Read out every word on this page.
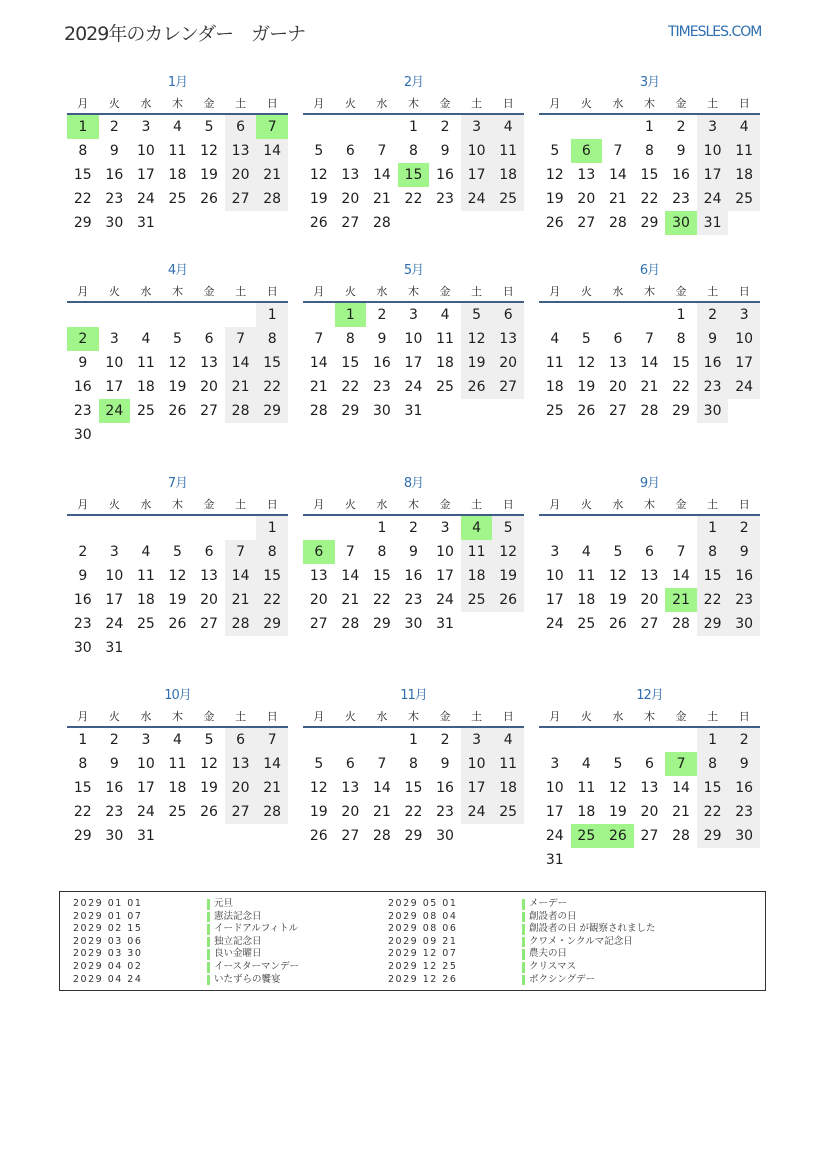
2029年のカレンダー　ガーナ	TIMESLES.COM
1月
月	火	水	木	金	土	日
1	2	3	4	5	6	7
8	9	10	11	12	13	14
15	16	17	18	19	20	21
22	23	24	25	26	27	28
29	30	31				
2月
月	火	水	木	金	土	日
			1	2	3	4
5	6	7	8	9	10	11
12	13	14	15	16	17	18
19	20	21	22	23	24	25
26	27	28				
3月
月	火	水	木	金	土	日
			1	2	3	4
5	6	7	8	9	10	11
12	13	14	15	16	17	18
19	20	21	22	23	24	25
26	27	28	29	30	31	
4月
月	火	水	木	金	土	日
						1
2	3	4	5	6	7	8
9	10	11	12	13	14	15
16	17	18	19	20	21	22
23	24	25	26	27	28	29
30						
5月
月	火	水	木	金	土	日
	1	2	3	4	5	6
7	8	9	10	11	12	13
14	15	16	17	18	19	20
21	22	23	24	25	26	27
28	29	30	31			
6月
月	火	水	木	金	土	日
				1	2	3
4	5	6	7	8	9	10
11	12	13	14	15	16	17
18	19	20	21	22	23	24
25	26	27	28	29	30	
7月
月	火	水	木	金	土	日
						1
2	3	4	5	6	7	8
9	10	11	12	13	14	15
16	17	18	19	20	21	22
23	24	25	26	27	28	29
30	31					
8月
月	火	水	木	金	土	日
		1	2	3	4	5
6	7	8	9	10	11	12
13	14	15	16	17	18	19
20	21	22	23	24	25	26
27	28	29	30	31		
9月
月	火	水	木	金	土	日
					1	2
3	4	5	6	7	8	9
10	11	12	13	14	15	16
17	18	19	20	21	22	23
24	25	26	27	28	29	30
10月
月	火	水	木	金	土	日
1	2	3	4	5	6	7
8	9	10	11	12	13	14
15	16	17	18	19	20	21
22	23	24	25	26	27	28
29	30	31				
11月
月	火	水	木	金	土	日
			1	2	3	4
5	6	7	8	9	10	11
12	13	14	15	16	17	18
19	20	21	22	23	24	25
26	27	28	29	30		
12月
月	火	水	木	金	土	日
					1	2
3	4	5	6	7	8	9
10	11	12	13	14	15	16
17	18	19	20	21	22	23
24	25	26	27	28	29	30
31						
2029 01 01	元旦
2029 01 07	憲法記念日
2029 02 15	イードアルフィトル
2029 03 06	独立記念日
2029 03 30	良い金曜日
2029 04 02	イースターマンデー
2029 04 24	いたずらの饗宴
2029 05 01	メーデー
2029 08 04	創設者の日
2029 08 06	創設者の日 が観察されました
2029 09 21	クワメ・ンクルマ記念日
2029 12 07	農夫の日
2029 12 25	クリスマス
2029 12 26	ボクシングデー
